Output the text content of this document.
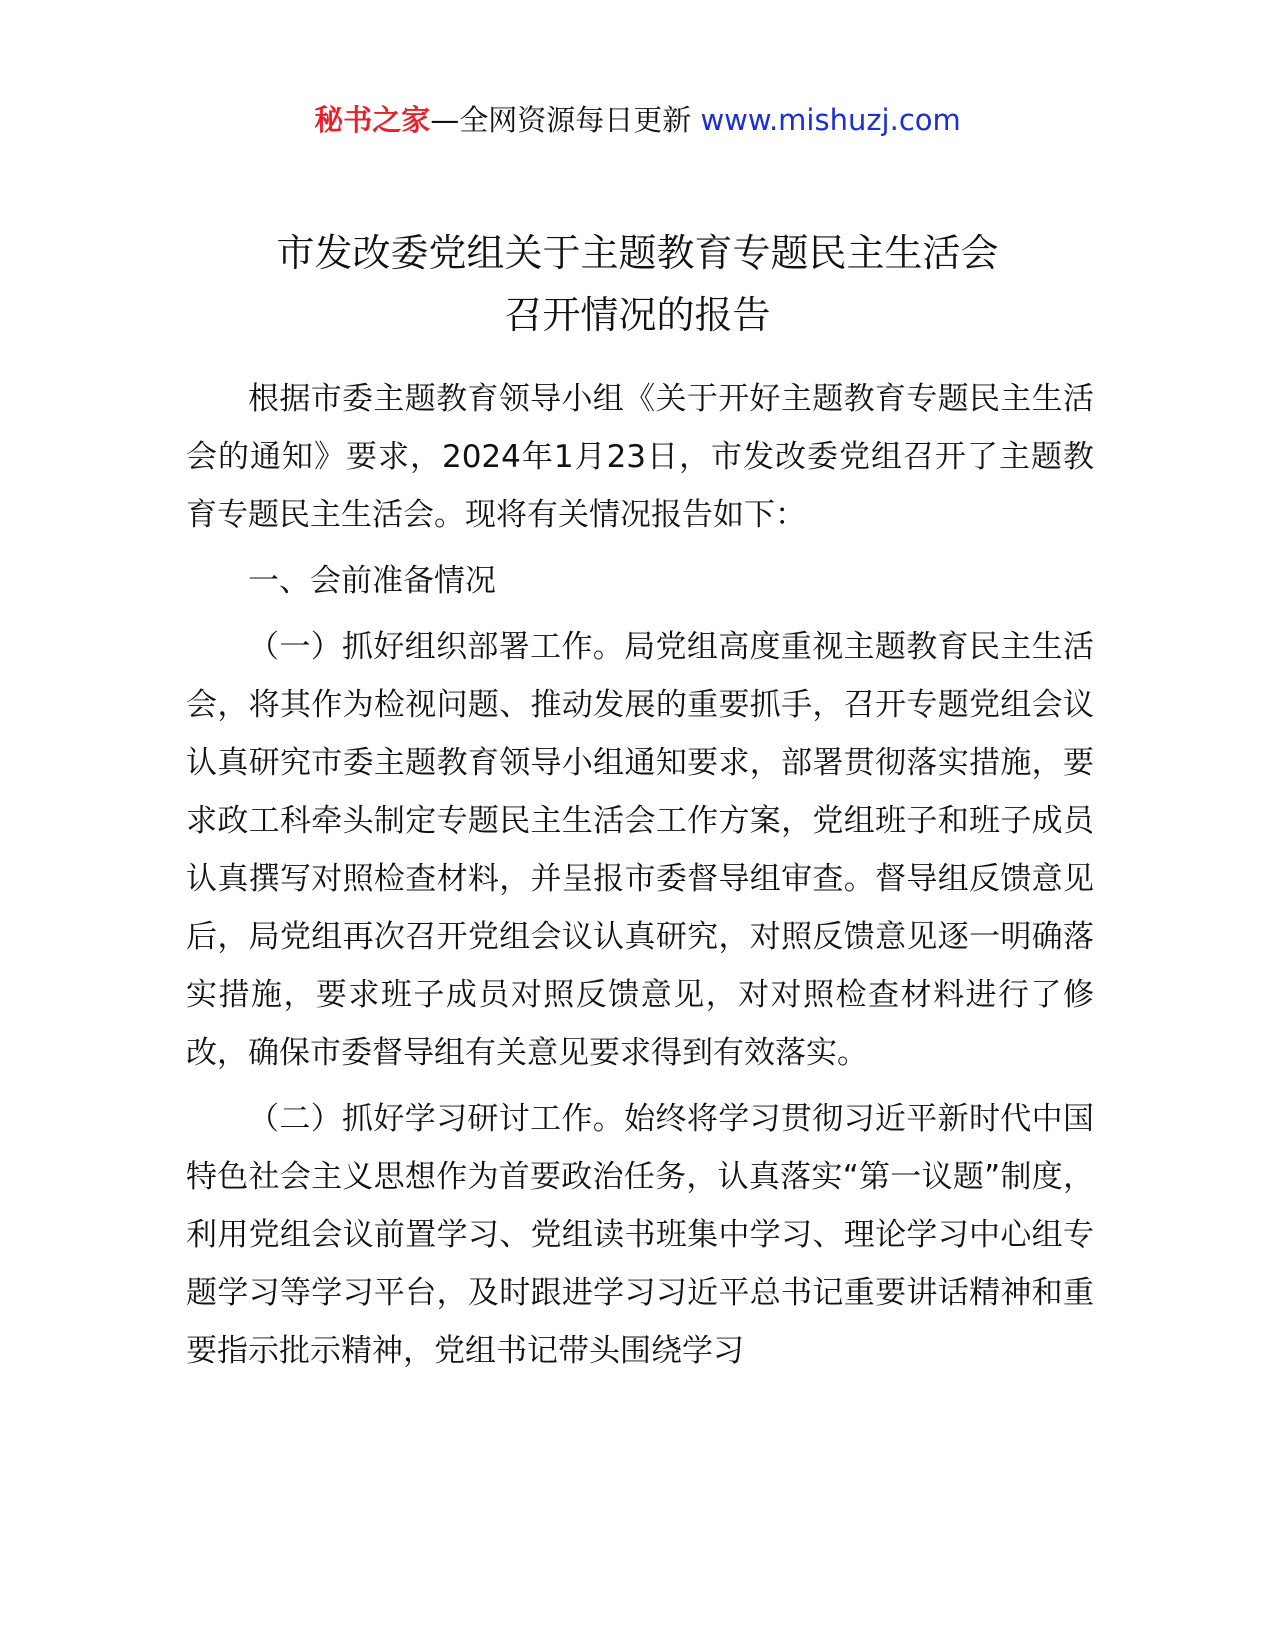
秘书之家—全网资源每日更新 www.mishuzj.com
市发改委党组关于主题教育专题民主生活会
召开情况的报告

根据市委主题教育领导小组《关于开好主题教育专题民主生活会的通知》要求，2024年1月23日，市发改委党组召开了主题教育专题民主生活会。现将有关情况报告如下：

一、会前准备情况

（一）抓好组织部署工作。局党组高度重视主题教育民主生活会，将其作为检视问题、推动发展的重要抓手，召开专题党组会议认真研究市委主题教育领导小组通知要求，部署贯彻落实措施，要求政工科牵头制定专题民主生活会工作方案，党组班子和班子成员认真撰写对照检查材料，并呈报市委督导组审查。督导组反馈意见后，局党组再次召开党组会议认真研究，对照反馈意见逐一明确落实措施，要求班子成员对照反馈意见，对对照检查材料进行了修改，确保市委督导组有关意见要求得到有效落实。

（二）抓好学习研讨工作。始终将学习贯彻习近平新时代中国特色社会主义思想作为首要政治任务，认真落实“第一议题”制度，利用党组会议前置学习、党组读书班集中学习、理论学习中心组专题学习等学习平台，及时跟进学习习近平总书记重要讲话精神和重要指示批示精神，党组书记带头围绕学习
